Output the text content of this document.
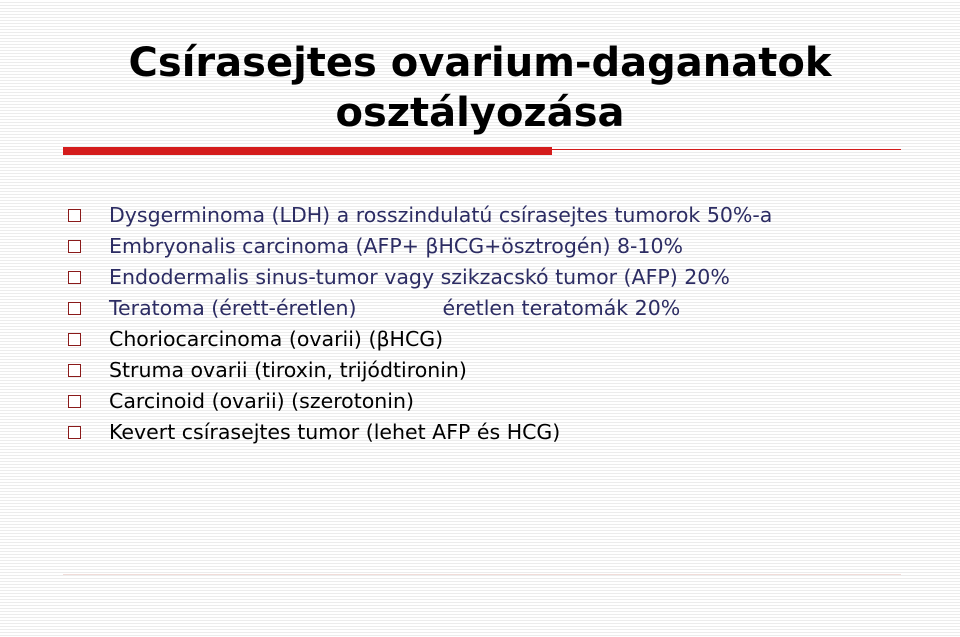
Csírasejtes ovarium-daganatok
osztályozása
Dysgerminoma (LDH) a rosszindulatú csírasejtes tumorok 50%-a
Embryonalis carcinoma (AFP+ βHCG+ösztrogén) 8-10%
Endodermalis sinus-tumor vagy szikzacskó tumor (AFP) 20%
Teratoma (érett-éretlen)	éretlen teratomák 20%
Choriocarcinoma (ovarii) (βHCG)
Struma ovarii (tiroxin, trijódtironin)
Carcinoid (ovarii) (szerotonin)
Kevert csírasejtes tumor (lehet AFP és HCG)
